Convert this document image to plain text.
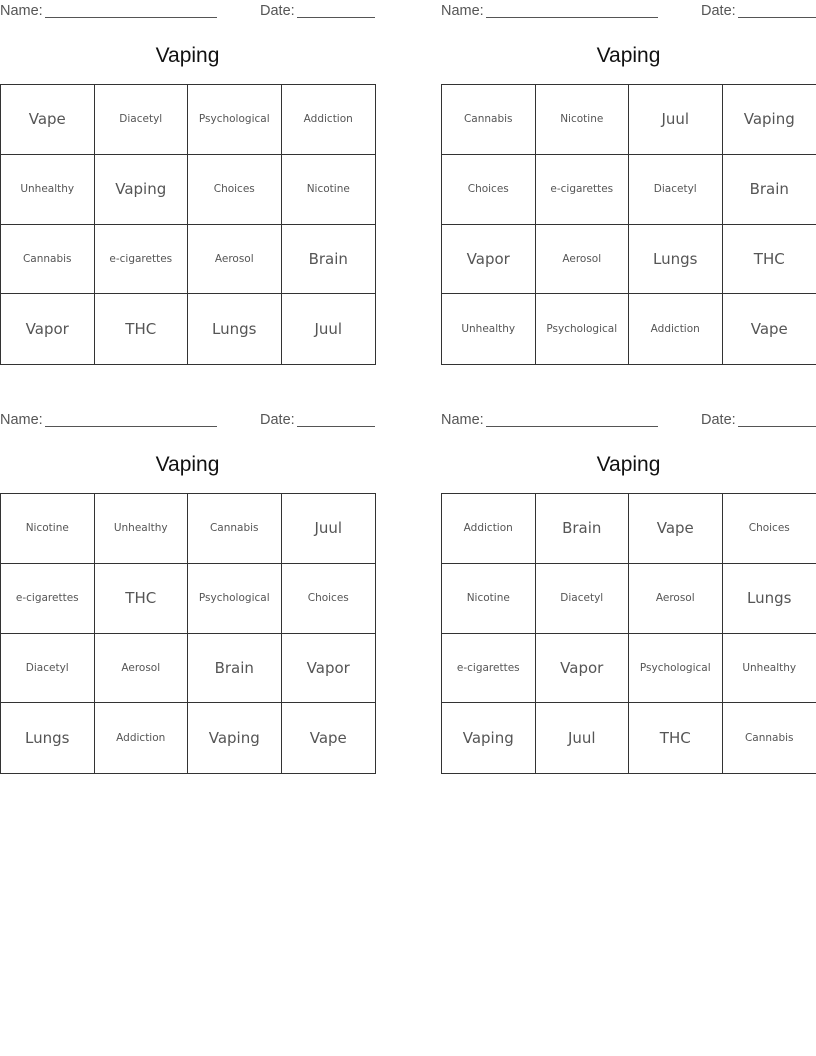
Name:	Date:
Vaping
Vape	Diacetyl	Psychological	Addiction
Unhealthy	Vaping	Choices	Nicotine
Cannabis	e-cigarettes	Aerosol	Brain
Vapor	THC	Lungs	Juul
Name:	Date:
Vaping
Cannabis	Nicotine	Juul	Vaping
Choices	e-cigarettes	Diacetyl	Brain
Vapor	Aerosol	Lungs	THC
Unhealthy	Psychological	Addiction	Vape
Name:	Date:
Vaping
Nicotine	Unhealthy	Cannabis	Juul
e-cigarettes	THC	Psychological	Choices
Diacetyl	Aerosol	Brain	Vapor
Lungs	Addiction	Vaping	Vape
Name:	Date:
Vaping
Addiction	Brain	Vape	Choices
Nicotine	Diacetyl	Aerosol	Lungs
e-cigarettes	Vapor	Psychological	Unhealthy
Vaping	Juul	THC	Cannabis
